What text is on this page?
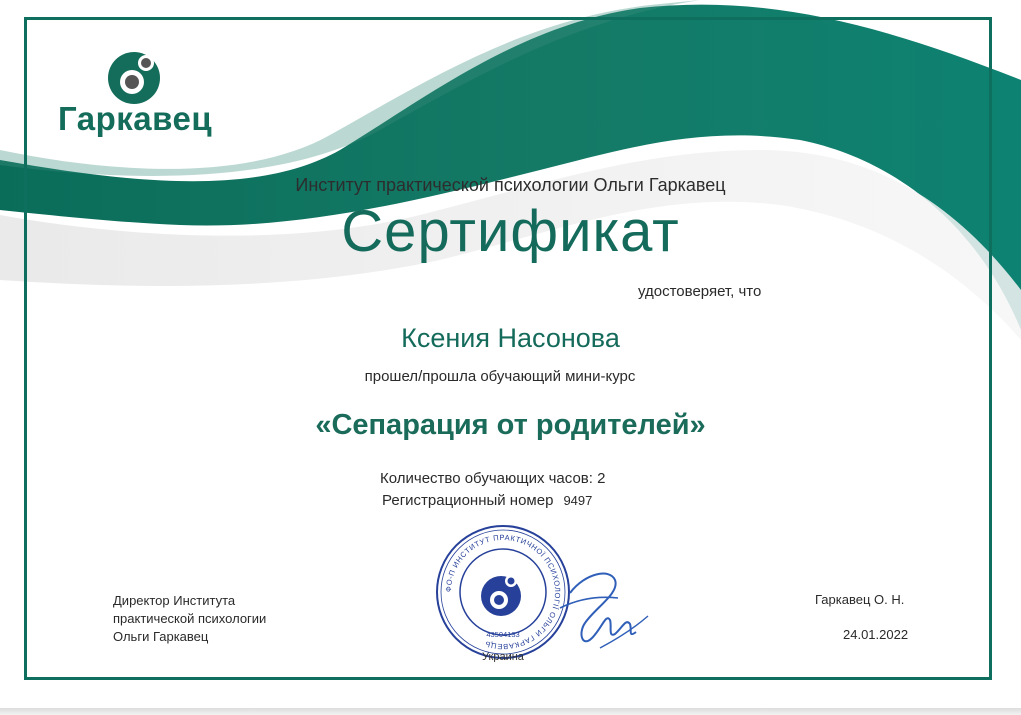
Гаркавец
Институт практической психологии Ольги Гаркавец
Сертификат
удостоверяет, что
Ксения Насонова
прошел/прошла обучающий мини-курс
«Сепарация от родителей»
Количество обучающих часов: 2
Регистрационный номер 9497
Директор Института
практической психологии
Ольги Гаркавец
Гаркавец О. Н.
24.01.2022
ФО-П ИНСТИТУТ ПРАКТИЧНОЇ ПСИХОЛОГІЇ ОЛЬГИ ГАРКАВЕЦЬ
43504133
Украина
